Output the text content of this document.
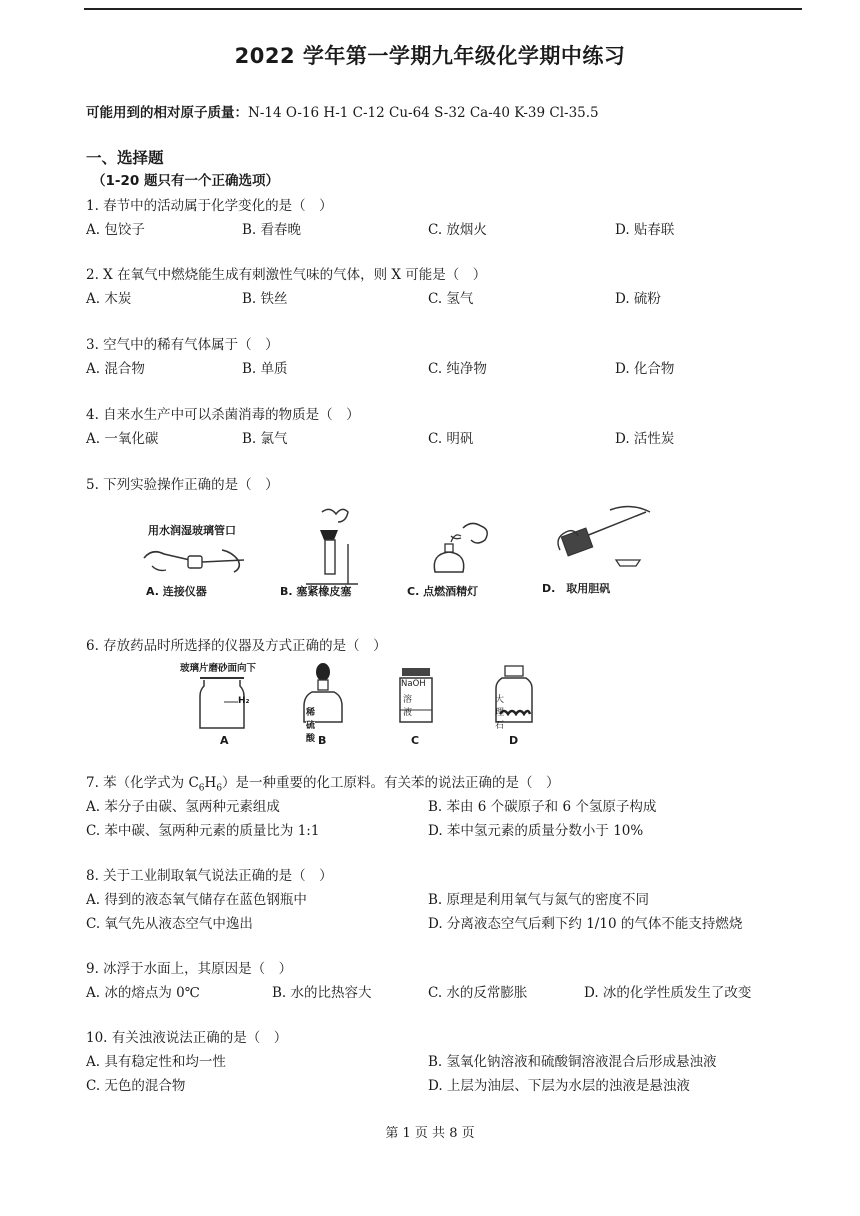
2022 学年第一学期九年级化学期中练习
可能用到的相对原子质量：N-14 O-16 H-1 C-12 Cu-64 S-32 Ca-40 K-39 Cl-35.5
一、选择题
（1-20 题只有一个正确选项）
1. 春节中的活动属于化学变化的是（　）
A. 包饺子	B. 看春晚	C. 放烟火	D. 贴春联
2. X 在氧气中燃烧能生成有刺激性气味的气体，则 X 可能是（　）
A. 木炭	B. 铁丝	C. 氢气	D. 硫粉
3. 空气中的稀有气体属于（　）
A. 混合物	B. 单质	C. 纯净物	D. 化合物
4. 自来水生产中可以杀菌消毒的物质是（　）
A. 一氧化碳	B. 氯气	C. 明矾	D. 活性炭
5. 下列实验操作正确的是（　）
用水润湿玻璃管口
A. 连接仪器	B. 塞紧橡皮塞	C. 点燃酒精灯	D.　取用胆矾
6. 存放药品时所选择的仪器及方式正确的是（　）
玻璃片磨砂面向下
H₂
A
稀硫酸 B
NaOH
溶液
C
大理石
D
7. 苯（化学式为 $C_6H_6$）是一种重要的化工原料。有关苯的说法正确的是（　）
A. 苯分子由碳、氢两种元素组成	B. 苯由 6 个碳原子和 6 个氢原子构成
C. 苯中碳、氢两种元素的质量比为 1:1	D. 苯中氢元素的质量分数小于 10%
8. 关于工业制取氧气说法正确的是（　）
A. 得到的液态氧气储存在蓝色钢瓶中	B. 原理是利用氧气与氮气的密度不同
C. 氧气先从液态空气中逸出	D. 分离液态空气后剩下约 1/10 的气体不能支持燃烧
9. 冰浮于水面上，其原因是（　）
A. 冰的熔点为 0℃	B. 水的比热容大	C. 水的反常膨胀	D. 冰的化学性质发生了改变
10. 有关浊液说法正确的是（　）
A. 具有稳定性和均一性	B. 氢氧化钠溶液和硫酸铜溶液混合后形成悬浊液
C. 无色的混合物	D. 上层为油层、下层为水层的浊液是悬浊液
第 1 页 共 8 页
